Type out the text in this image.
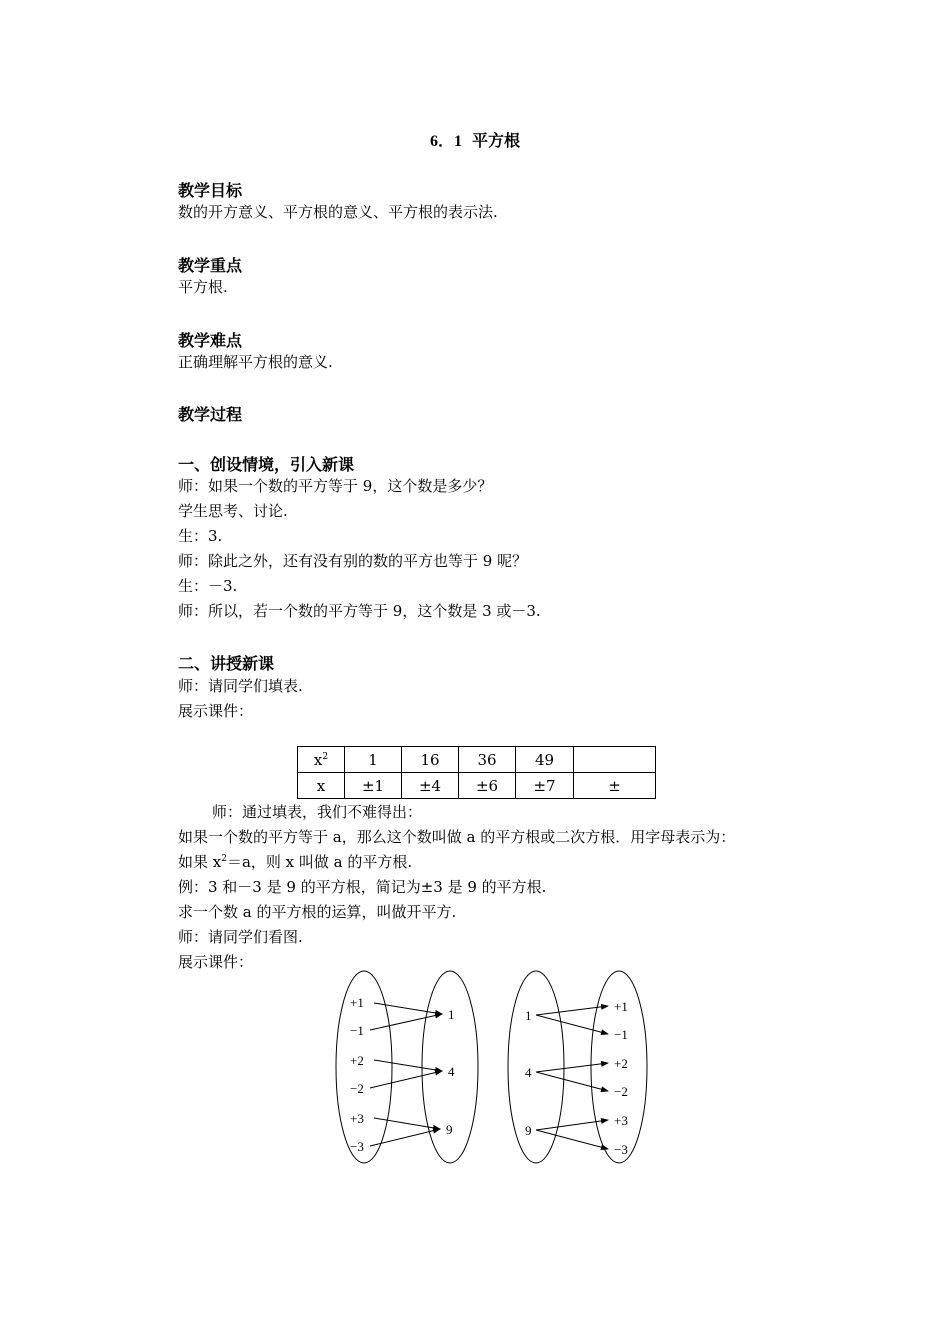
6．1 平方根
教学目标
数的开方意义、平方根的意义、平方根的表示法.
教学重点
平方根.
教学难点
正确理解平方根的意义.
教学过程
一、创设情境，引入新课
师：如果一个数的平方等于 9，这个数是多少？
学生思考、讨论.
生：3.
师：除此之外，还有没有别的数的平方也等于 9 呢？
生：－3.
师：所以，若一个数的平方等于 9，这个数是 3 或－3.
二、讲授新课
师：请同学们填表.
展示课件：
$x^2$	1	16	36	49	
x	±1	±4	±6	±7	±
师：通过填表，我们不难得出：
如果一个数的平方等于 a，那么这个数叫做 a 的平方根或二次方根．用字母表示为：
如果 $x^2=a$，则 x 叫做 a 的平方根.
例：3 和－3 是 9 的平方根，简记为±3 是 9 的平方根.
求一个数 a 的平方根的运算，叫做开平方.
师：请同学们看图.
展示课件：
+1
−1
+2
−2
+3
−3
1
4
9
1
4
9
+1
−1
+2
−2
+3
−3
